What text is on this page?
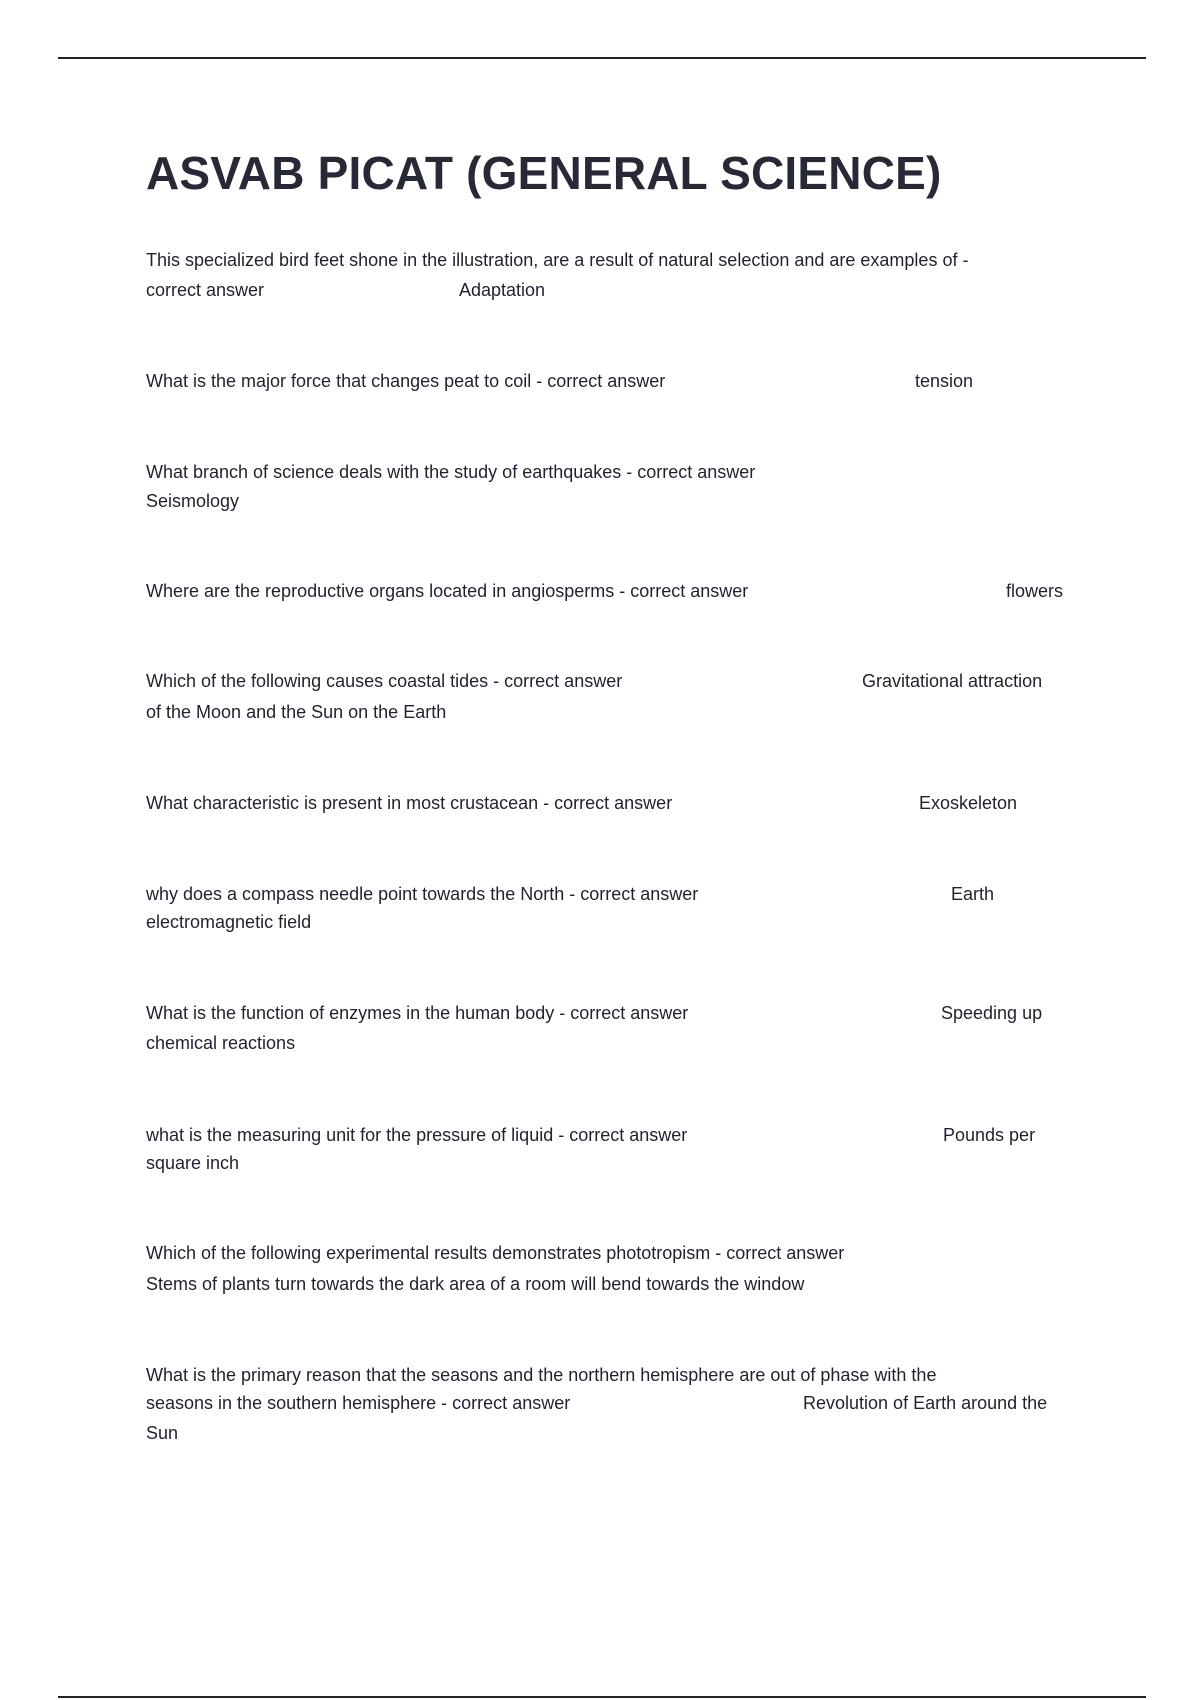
ASVAB PICAT (GENERAL SCIENCE)
This specialized bird feet shone in the illustration, are a result of natural selection and are examples of -
correct answer	Adaptation
What is the major force that changes peat to coil - correct answer	tension
What branch of science deals with the study of earthquakes - correct answer
Seismology
Where are the reproductive organs located in angiosperms - correct answer	flowers
Which of the following causes coastal tides - correct answer	Gravitational attraction
of the Moon and the Sun on the Earth
What characteristic is present in most crustacean - correct answer	Exoskeleton
why does a compass needle point towards the North - correct answer	Earth
electromagnetic field
What is the function of enzymes in the human body - correct answer	Speeding up
chemical reactions
what is the measuring unit for the pressure of liquid - correct answer	Pounds per
square inch
Which of the following experimental results demonstrates phototropism - correct answer
Stems of plants turn towards the dark area of a room will bend towards the window
What is the primary reason that the seasons and the northern hemisphere are out of phase with the
seasons in the southern hemisphere - correct answer	Revolution of Earth around the
Sun
